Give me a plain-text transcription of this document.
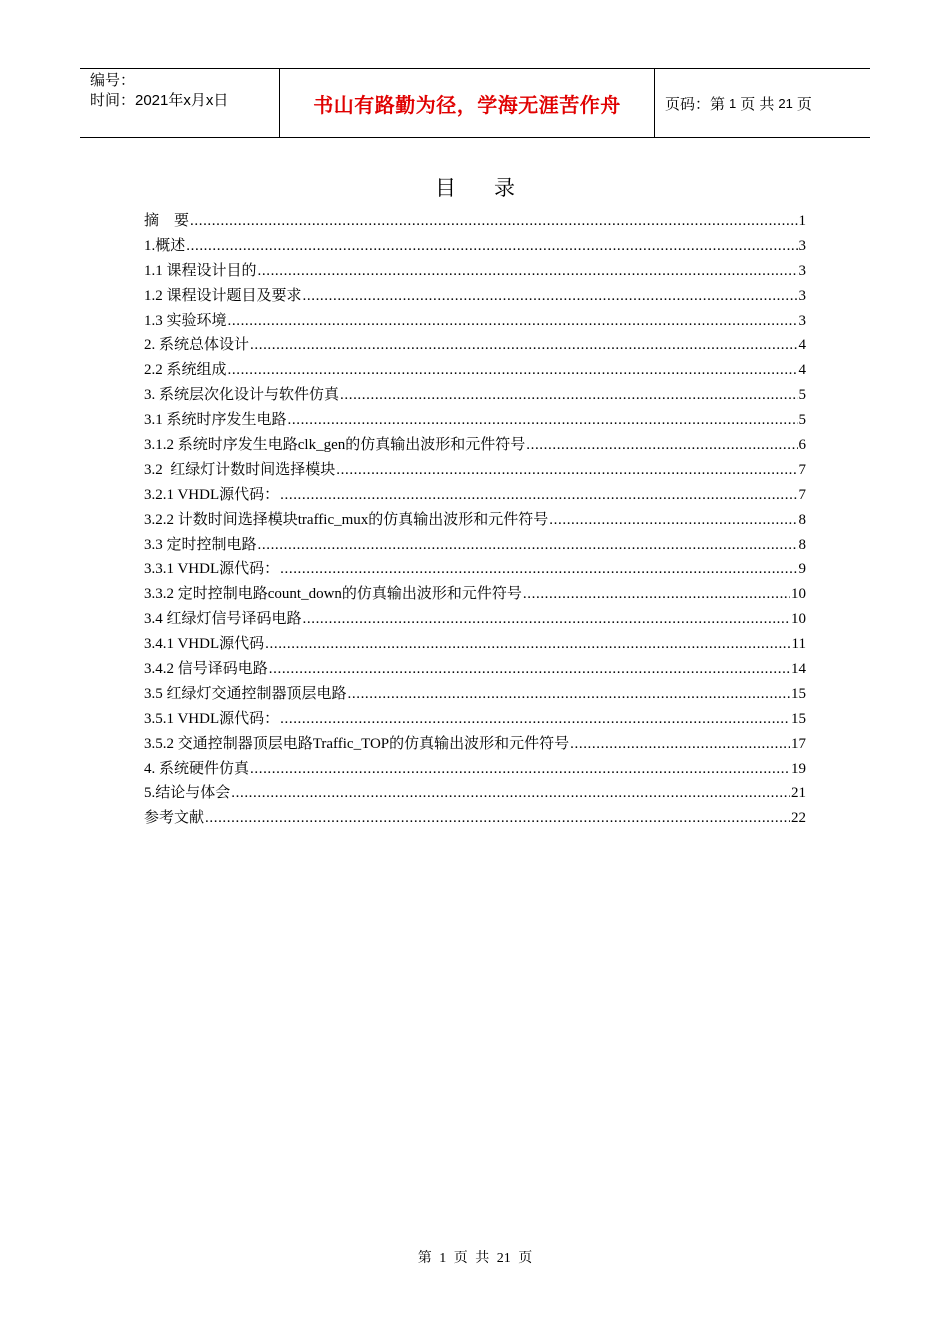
编号：
时间：2021年x月x日	书山有路勤为径，学海无涯苦作舟	页码：第 1 页 共 21 页
目录
摘    要 .....	1
1.概述 .....	3
1.1 课程设计目的 .....	3
1.2 课程设计题目及要求 .....	3
1.3 实验环境 .....	3
2. 系统总体设计 .....	4
2.2 系统组成 .....	4
3. 系统层次化设计与软件仿真 .....	5
3.1 系统时序发生电路 .....	5
3.1.2 系统时序发生电路clk_gen的仿真输出波形和元件符号 .....	6
3.2  红绿灯计数时间选择模块 .....	7
3.2.1 VHDL源代码： .....	7
3.2.2 计数时间选择模块traffic_mux的仿真输出波形和元件符号 .....	8
3.3 定时控制电路 .....	8
3.3.1 VHDL源代码： .....	9
3.3.2 定时控制电路count_down的仿真输出波形和元件符号 .....	10
3.4 红绿灯信号译码电路 .....	10
3.4.1 VHDL源代码 .....	11
3.4.2 信号译码电路 .....	14
3.5 红绿灯交通控制器顶层电路 .....	15
3.5.1 VHDL源代码： .....	15
3.5.2 交通控制器顶层电路Traffic_TOP的仿真输出波形和元件符号 .....	17
4. 系统硬件仿真 .....	19
5.结论与体会 .....	21
参考文献 .....	22
第 1 页 共 21 页
